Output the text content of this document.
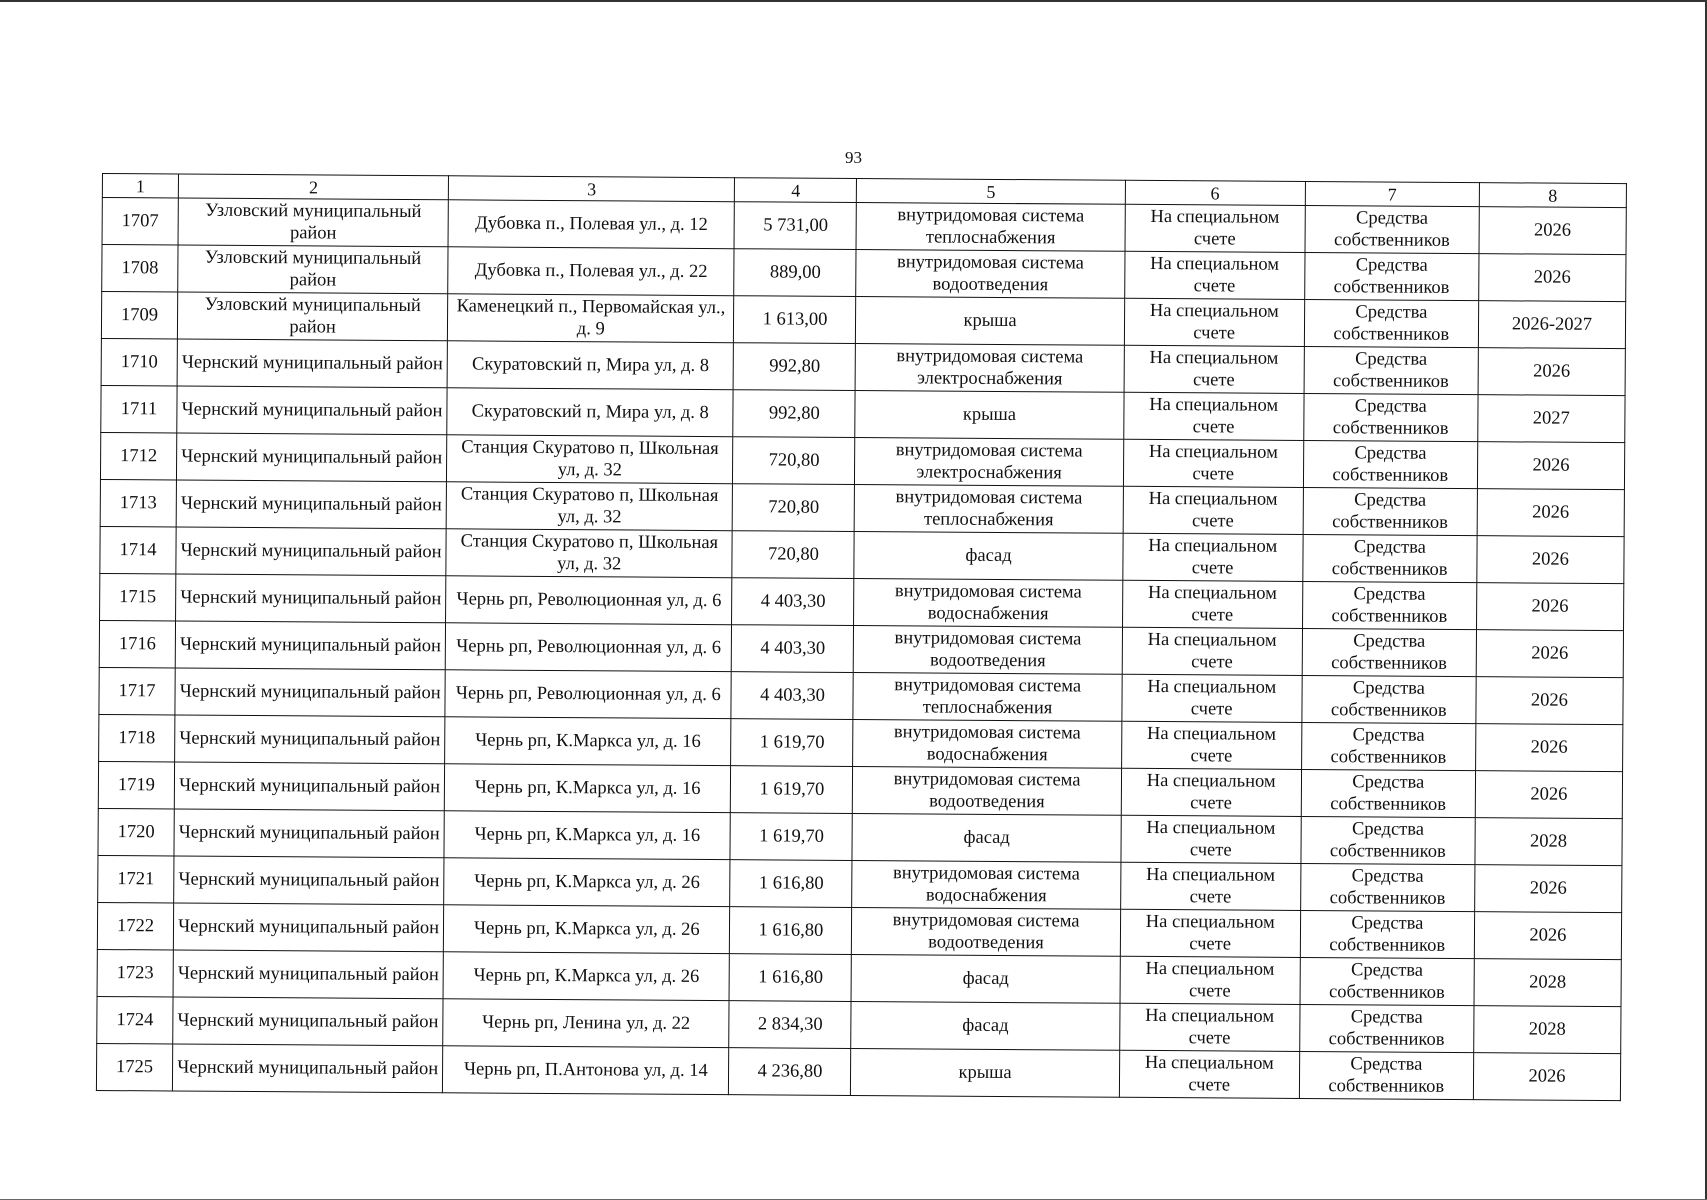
93
1	2	3	4	5	6	7	8
1707	Узловский муниципальный район	Дубовка п., Полевая ул., д. 12	5 731,00	внутридомовая система теплоснабжения	На специальном счете	Средства собственников	2026
1708	Узловский муниципальный район	Дубовка п., Полевая ул., д. 22	889,00	внутридомовая система водоотведения	На специальном счете	Средства собственников	2026
1709	Узловский муниципальный район	Каменецкий п., Первомайская ул., д. 9	1 613,00	крыша	На специальном счете	Средства собственников	2026-2027
1710	Чернский муниципальный район	Скуратовский п, Мира ул, д. 8	992,80	внутридомовая система электроснабжения	На специальном счете	Средства собственников	2026
1711	Чернский муниципальный район	Скуратовский п, Мира ул, д. 8	992,80	крыша	На специальном счете	Средства собственников	2027
1712	Чернский муниципальный район	Станция Скуратово п, Школьная ул, д. 32	720,80	внутридомовая система электроснабжения	На специальном счете	Средства собственников	2026
1713	Чернский муниципальный район	Станция Скуратово п, Школьная ул, д. 32	720,80	внутридомовая система теплоснабжения	На специальном счете	Средства собственников	2026
1714	Чернский муниципальный район	Станция Скуратово п, Школьная ул, д. 32	720,80	фасад	На специальном счете	Средства собственников	2026
1715	Чернский муниципальный район	Чернь рп, Революционная ул, д. 6	4 403,30	внутридомовая система водоснабжения	На специальном счете	Средства собственников	2026
1716	Чернский муниципальный район	Чернь рп, Революционная ул, д. 6	4 403,30	внутридомовая система водоотведения	На специальном счете	Средства собственников	2026
1717	Чернский муниципальный район	Чернь рп, Революционная ул, д. 6	4 403,30	внутридомовая система теплоснабжения	На специальном счете	Средства собственников	2026
1718	Чернский муниципальный район	Чернь рп, К.Маркса ул, д. 16	1 619,70	внутридомовая система водоснабжения	На специальном счете	Средства собственников	2026
1719	Чернский муниципальный район	Чернь рп, К.Маркса ул, д. 16	1 619,70	внутридомовая система водоотведения	На специальном счете	Средства собственников	2026
1720	Чернский муниципальный район	Чернь рп, К.Маркса ул, д. 16	1 619,70	фасад	На специальном счете	Средства собственников	2028
1721	Чернский муниципальный район	Чернь рп, К.Маркса ул, д. 26	1 616,80	внутридомовая система водоснабжения	На специальном счете	Средства собственников	2026
1722	Чернский муниципальный район	Чернь рп, К.Маркса ул, д. 26	1 616,80	внутридомовая система водоотведения	На специальном счете	Средства собственников	2026
1723	Чернский муниципальный район	Чернь рп, К.Маркса ул, д. 26	1 616,80	фасад	На специальном счете	Средства собственников	2028
1724	Чернский муниципальный район	Чернь рп, Ленина ул, д. 22	2 834,30	фасад	На специальном счете	Средства собственников	2028
1725	Чернский муниципальный район	Чернь рп, П.Антонова ул, д. 14	4 236,80	крыша	На специальном счете	Средства собственников	2026
